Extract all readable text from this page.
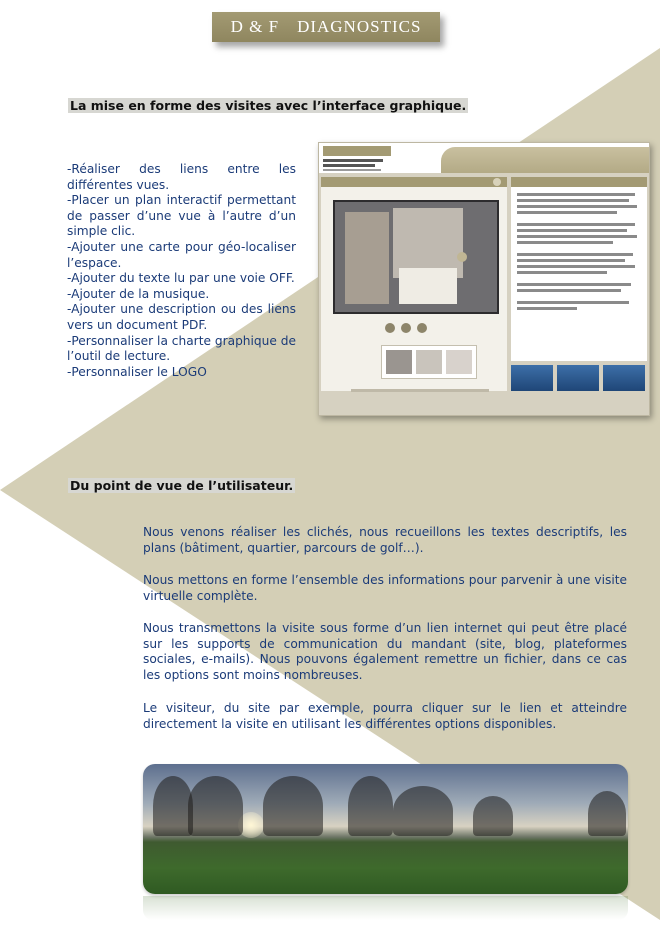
D & F DIAGNOSTICS
La mise en forme des visites avec l’interface graphique.
-Réaliser des liens entre les différentes vues.
-Placer un plan interactif permettant de passer d’une vue à l’autre d’un simple clic.
-Ajouter une carte pour géo-localiser l’espace.
-Ajouter du texte lu par une voie OFF.
-Ajouter de la musique.
-Ajouter une description ou des liens vers un document PDF.
-Personnaliser la charte graphique de l’outil de lecture.
-Personnaliser le LOGO
Du point de vue de l’utilisateur.

Nous venons réaliser les clichés, nous recueillons les textes descriptifs, les plans (bâtiment, quartier, parcours de golf…).

Nous mettons en forme l’ensemble des informations pour parvenir à une visite virtuelle complète.

Nous transmettons la visite sous forme d’un lien internet qui peut être placé sur les supports de communication du mandant (site, blog, plateformes sociales, e-mails). Nous pouvons également remettre un fichier, dans ce cas les options sont moins nombreuses.

Le visiteur, du site par exemple, pourra cliquer sur le lien et atteindre directement la visite en utilisant les différentes options disponibles.
